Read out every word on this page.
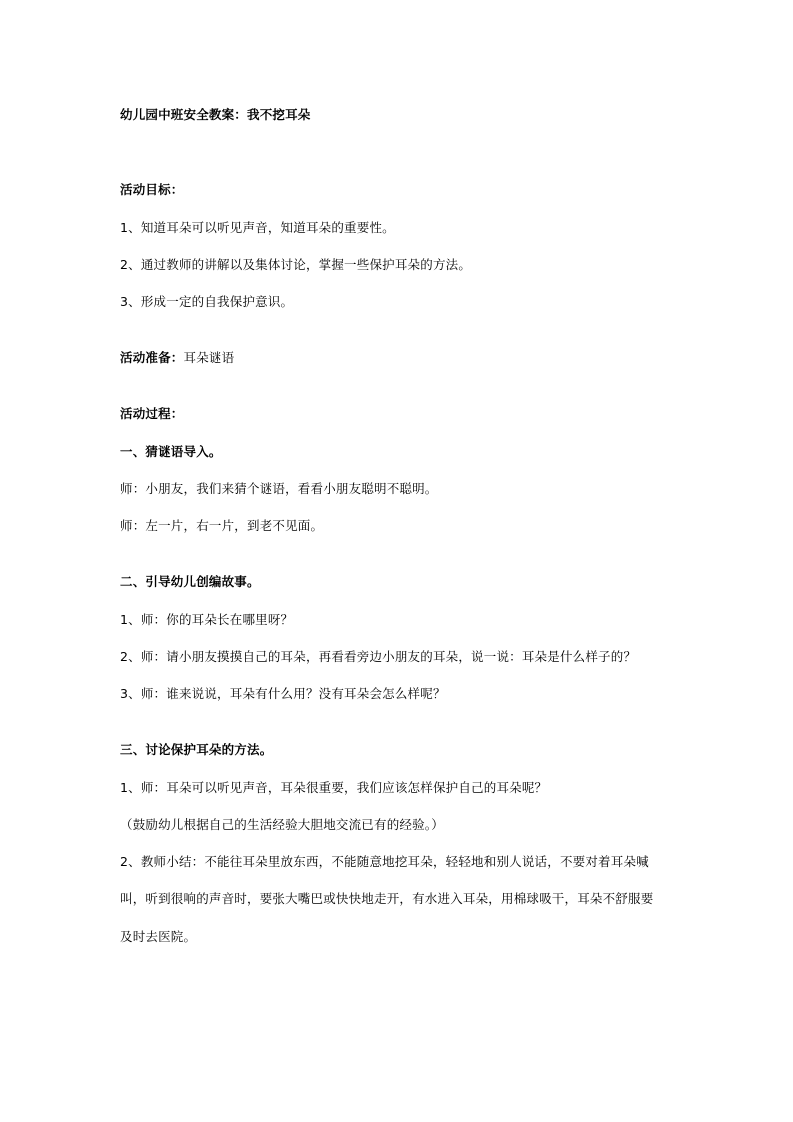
幼儿园中班安全教案：我不挖耳朵
活动目标：
1、知道耳朵可以听见声音，知道耳朵的重要性。
2、通过教师的讲解以及集体讨论，掌握一些保护耳朵的方法。
3、形成一定的自我保护意识。
活动准备：耳朵谜语
活动过程：
一、猜谜语导入。
师：小朋友，我们来猜个谜语，看看小朋友聪明不聪明。
师：左一片，右一片，到老不见面。
二、引导幼儿创编故事。
1、师：你的耳朵长在哪里呀？
2、师：请小朋友摸摸自己的耳朵，再看看旁边小朋友的耳朵，说一说：耳朵是什么样子的？
3、师：谁来说说，耳朵有什么用？没有耳朵会怎么样呢？
三、讨论保护耳朵的方法。
1、师：耳朵可以听见声音，耳朵很重要，我们应该怎样保护自己的耳朵呢？
（鼓励幼儿根据自己的生活经验大胆地交流已有的经验。）
2、教师小结：不能往耳朵里放东西，不能随意地挖耳朵，轻轻地和别人说话，不要对着耳朵喊
叫，听到很响的声音时，要张大嘴巴或快快地走开，有水进入耳朵，用棉球吸干，耳朵不舒服要
及时去医院。
